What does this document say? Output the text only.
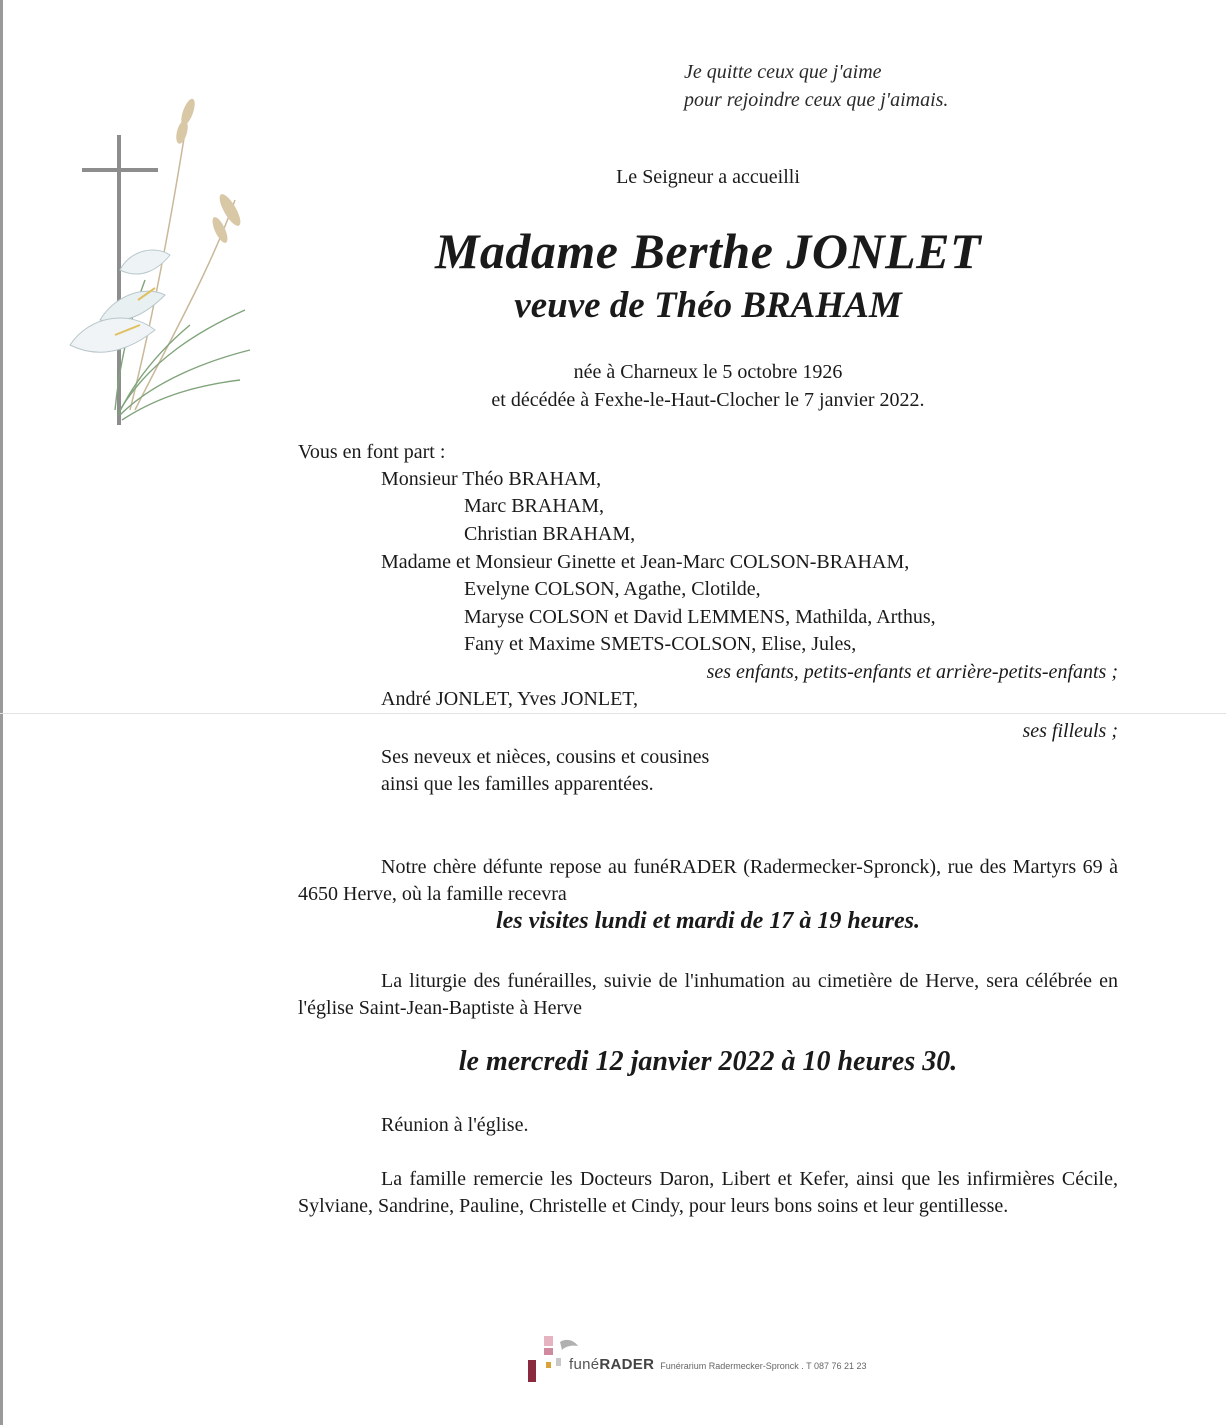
Je quitte ceux que j'aime
pour rejoindre ceux que j'aimais.
Le Seigneur a accueilli
Madame Berthe JONLET
veuve de Théo BRAHAM
née à Charneux le 5 octobre 1926
et décédée à Fexhe-le-Haut-Clocher le 7 janvier 2022.
Vous en font part :
Monsieur Théo BRAHAM,
Marc BRAHAM,
Christian BRAHAM,
Madame et Monsieur Ginette et Jean-Marc COLSON-BRAHAM,
Evelyne COLSON, Agathe, Clotilde,
Maryse COLSON et David LEMMENS, Mathilda, Arthus,
Fany et Maxime SMETS-COLSON, Elise, Jules,
ses enfants, petits-enfants et arrière-petits-enfants ;
André JONLET, Yves JONLET,
ses filleuls ;
Ses neveux et nièces, cousins et cousines
ainsi que les familles apparentées.

Notre chère défunte repose au funéRADER (Radermecker-Spronck), rue des Martyrs 69 à 4650 Herve, où la famille recevra

les visites lundi et mardi de 17 à 19 heures.

La liturgie des funérailles, suivie de l'inhumation au cimetière de Herve, sera célébrée en l'église Saint-Jean-Baptiste à Herve

le mercredi 12 janvier 2022 à 10 heures 30.
Réunion à l'église.

La famille remercie les Docteurs Daron, Libert et Kefer, ainsi que les infirmières Cécile, Sylviane, Sandrine, Pauline, Christelle et Cindy, pour leurs bons soins et leur gentillesse.

funéRADER Funérarium Radermecker-Spronck . T 087 76 21 23
